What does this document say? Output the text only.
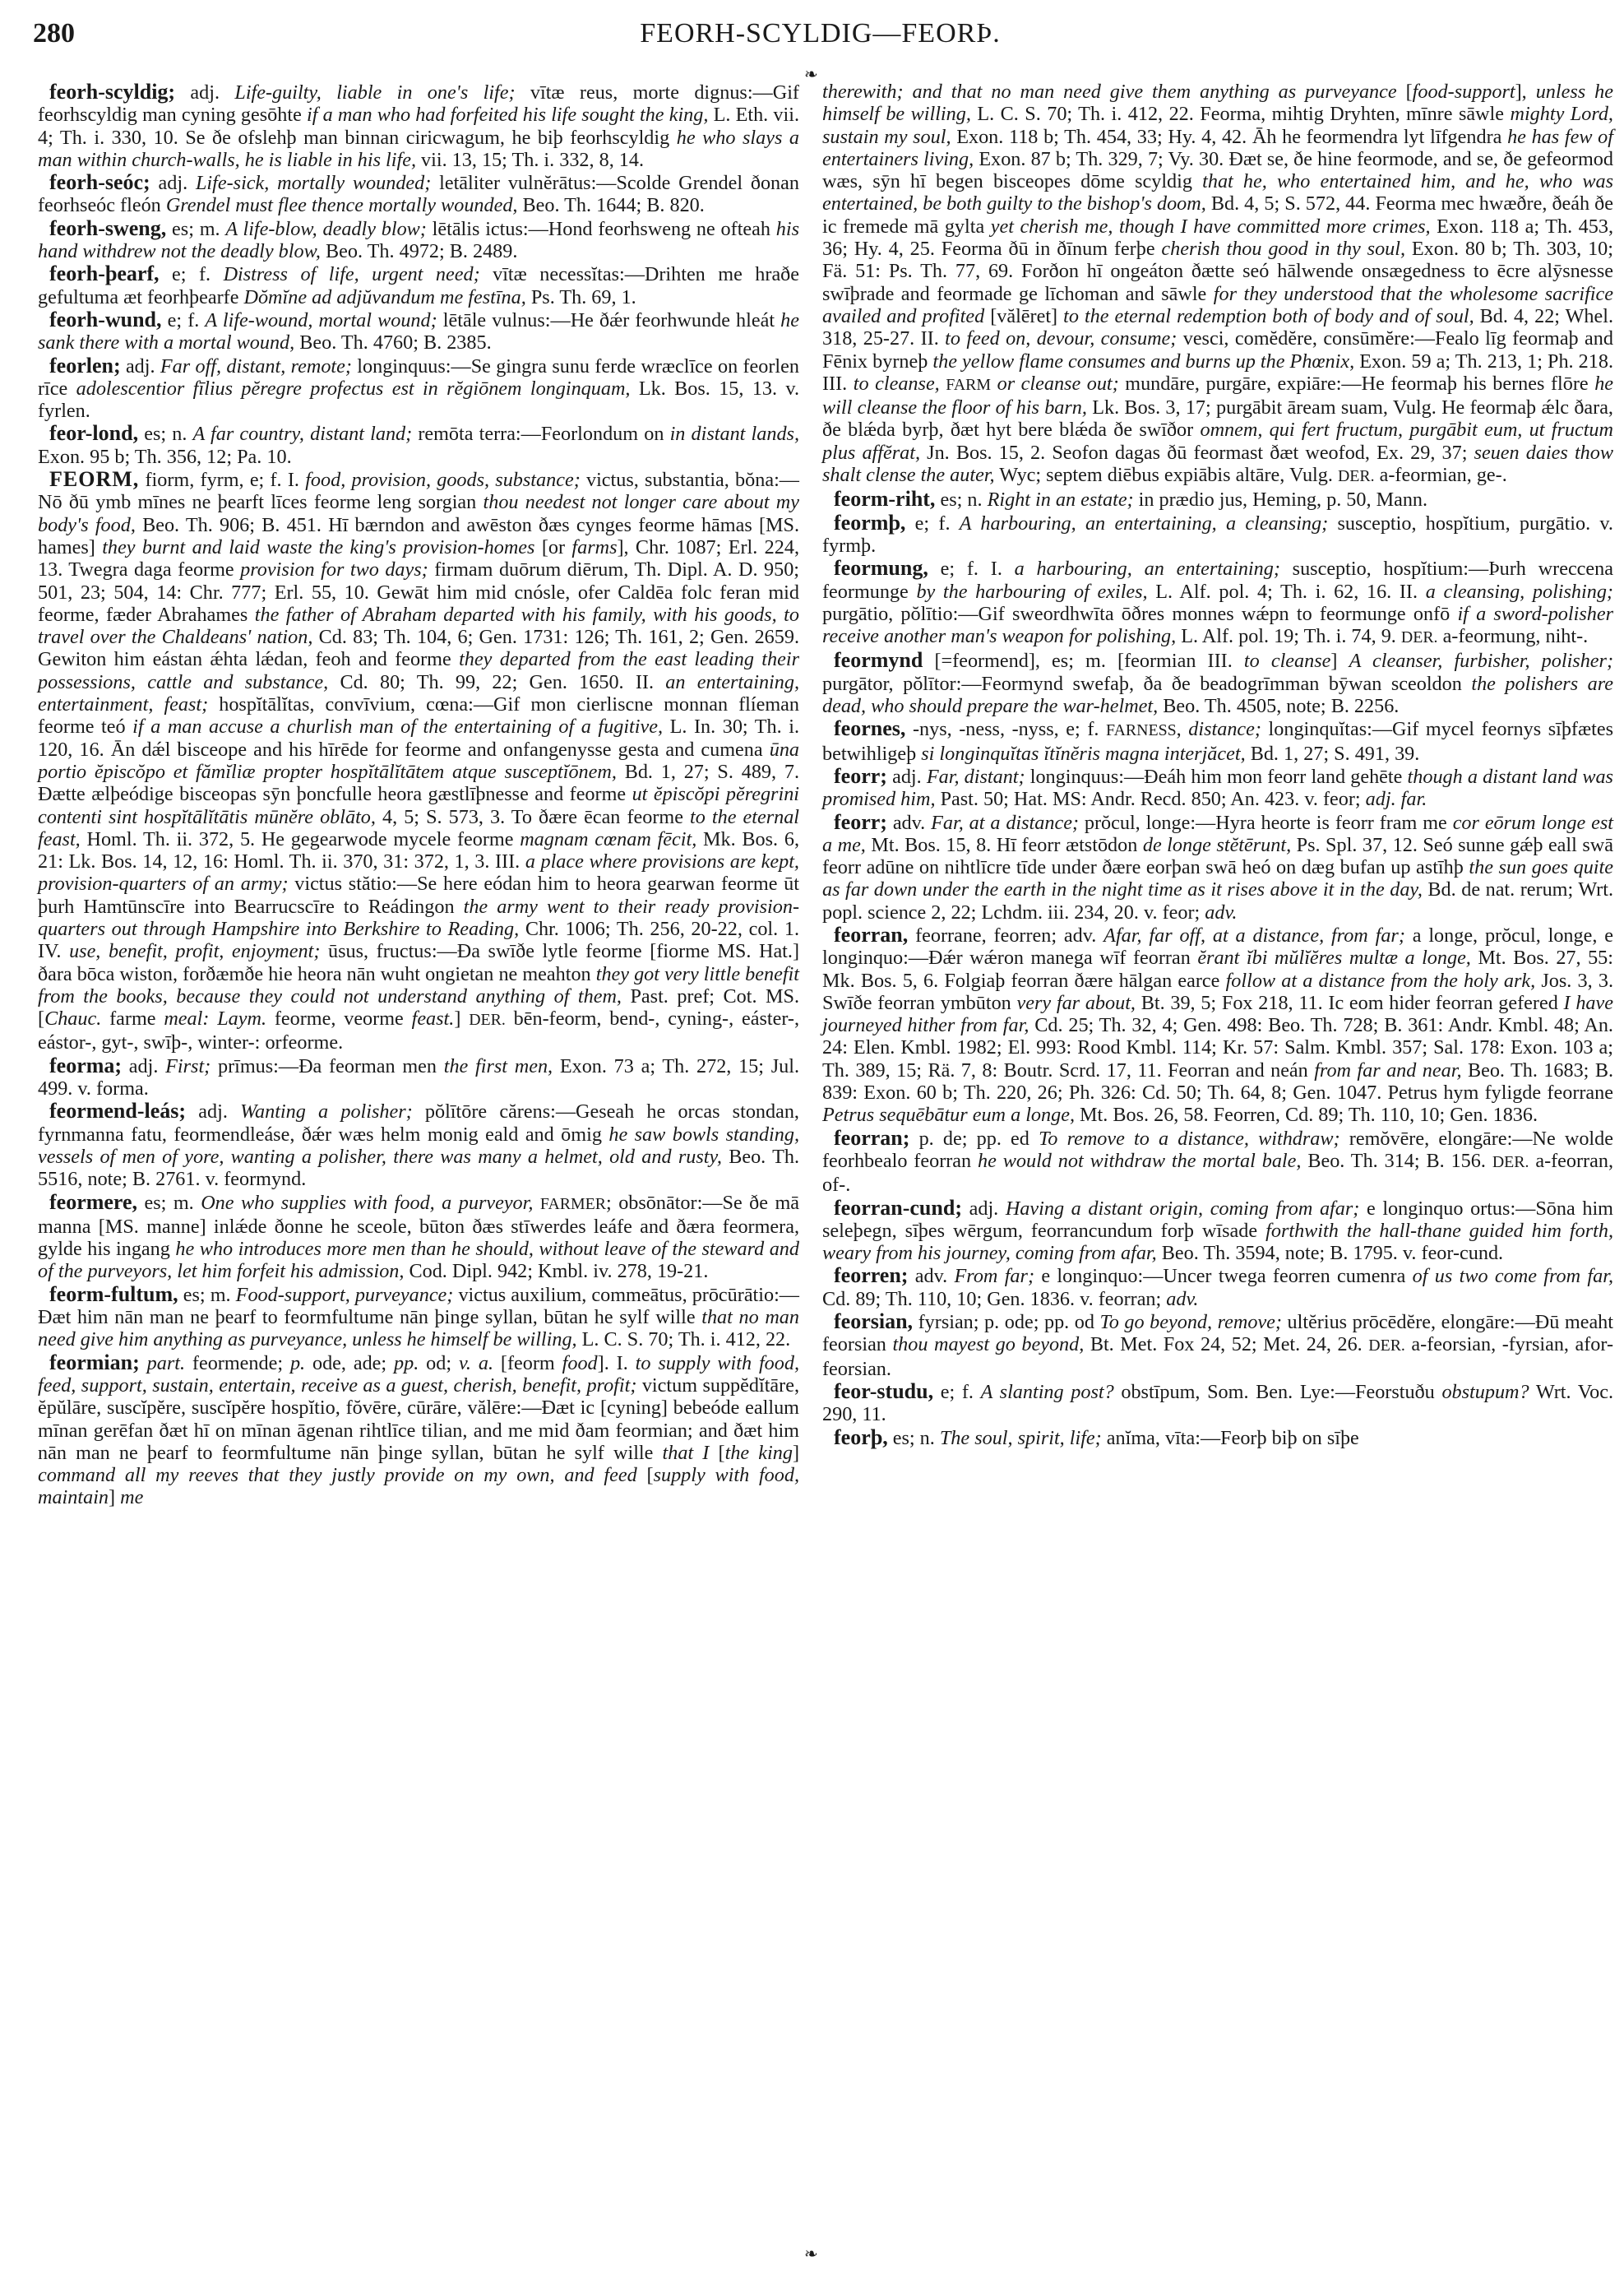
280	FEORH-SCYLDIG—FEORÞ.
❧
❧

feorh-scyldig; adj. Life-guilty, liable in one's life; vītæ reus, morte dignus:—Gif feorhscyldig man cyning gesōhte if a man who had forfeited his life sought the king, L. Eth. vii. 4; Th. i. 330, 10. Se ðe ofslehþ man binnan ciricwagum, he biþ feorhscyldig he who slays a man within church-walls, he is liable in his life, vii. 13, 15; Th. i. 332, 8, 14.

feorh-seóc; adj. Life-sick, mortally wounded; letāliter vulnĕrātus:—Scolde Grendel ðonan feorhseóc fleón Grendel must flee thence mortally wounded, Beo. Th. 1644; B. 820.

feorh-sweng, es; m. A life-blow, deadly blow; lētālis ictus:—Hond feorhsweng ne ofteah his hand withdrew not the deadly blow, Beo. Th. 4972; B. 2489.

feorh-þearf, e; f. Distress of life, urgent need; vītæ necessĭtas:—Drihten me hraðe gefultuma æt feorhþearfe Dŏmĭne ad adjŭvandum me festīna, Ps. Th. 69, 1.

feorh-wund, e; f. A life-wound, mortal wound; lētāle vulnus:—He ðǽr feorhwunde hleát he sank there with a mortal wound, Beo. Th. 4760; B. 2385.

feorlen; adj. Far off, distant, remote; longinquus:—Se gingra sunu ferde wræclīce on feorlen rīce adolescentior fīlius pĕregre profectus est in rĕgiōnem longinquam, Lk. Bos. 15, 13. v. fyrlen.

feor-lond, es; n. A far country, distant land; remōta terra:—Feorlondum on in distant lands, Exon. 95 b; Th. 356, 12; Pa. 10.

FEORM, fiorm, fyrm, e; f. I. food, provision, goods, substance; victus, substantia, bŏna:—Nō ðū ymb mīnes ne þearft līces feorme leng sorgian thou needest not longer care about my body's food, Beo. Th. 906; B. 451. Hī bærndon and awēston ðæs cynges feorme hāmas [MS. hames] they burnt and laid waste the king's provision-homes [or farms], Chr. 1087; Erl. 224, 13. Twegra daga feorme provision for two days; firmam duōrum diērum, Th. Dipl. A. D. 950; 501, 23; 504, 14: Chr. 777; Erl. 55, 10. Gewāt him mid cnósle, ofer Caldēa folc feran mid feorme, fæder Abrahames the father of Abraham departed with his family, with his goods, to travel over the Chaldeans' nation, Cd. 83; Th. 104, 6; Gen. 1731: 126; Th. 161, 2; Gen. 2659. Gewiton him eástan ǽhta lǽdan, feoh and feorme they departed from the east leading their possessions, cattle and substance, Cd. 80; Th. 99, 22; Gen. 1650. II. an entertaining, entertainment, feast; hospĭtālĭtas, convīvium, cœna:—Gif mon cierliscne monnan flíeman feorme teó if a man accuse a churlish man of the entertaining of a fugitive, L. In. 30; Th. i. 120, 16. Ān dǽl bisceope and his hīrēde for feorme and onfangenysse gesta and cumena ūna portio ĕpiscŏpo et fămĭliæ propter hospĭtālĭtātem atque susceptĭōnem, Bd. 1, 27; S. 489, 7. Ðætte ælþeódige bisceopas sȳn þoncfulle heora gæstlīþnesse and feorme ut ĕpiscŏpi pĕregrini contenti sint hospĭtālĭtātis mūnĕre oblāto, 4, 5; S. 573, 3. To ðære ēcan feorme to the eternal feast, Homl. Th. ii. 372, 5. He gegearwode mycele feorme magnam cœnam fēcit, Mk. Bos. 6, 21: Lk. Bos. 14, 12, 16: Homl. Th. ii. 370, 31: 372, 1, 3. III. a place where provisions are kept, provision-quarters of an army; victus stătio:—Se here eódan him to heora gearwan feorme ūt þurh Hamtūnscīre into Bearrucscīre to Reádingon the army went to their ready provision-quarters out through Hampshire into Berkshire to Reading, Chr. 1006; Th. 256, 20-22, col. 1. IV. use, benefit, profit, enjoyment; ūsus, fructus:—Ða swīðe lytle feorme [fiorme MS. Hat.] ðara bōca wiston, forðæmðe hie heora nān wuht ongietan ne meahton they got very little benefit from the books, because they could not understand anything of them, Past. pref; Cot. MS. [Chauc. farme meal: Laym. feorme, veorme feast.] DER. bēn-feorm, bend-, cyning-, eáster-, eástor-, gyt-, swīþ-, winter-: orfeorme.

feorma; adj. First; prīmus:—Ða feorman men the first men, Exon. 73 a; Th. 272, 15; Jul. 499. v. forma.

feormend-leás; adj. Wanting a polisher; pŏlītōre cărens:—Geseah he orcas stondan, fyrnmanna fatu, feormendleáse, ðǽr wæs helm monig eald and ōmig he saw bowls standing, vessels of men of yore, wanting a polisher, there was many a helmet, old and rusty, Beo. Th. 5516, note; B. 2761. v. feormynd.

feormere, es; m. One who supplies with food, a purveyor, FARMER; obsōnātor:—Se ðe mā manna [MS. manne] inlǽde ðonne he sceole, būton ðæs stīwerdes leáfe and ðæra feormera, gylde his ingang he who introduces more men than he should, without leave of the steward and of the purveyors, let him forfeit his admission, Cod. Dipl. 942; Kmbl. iv. 278, 19-21.

feorm-fultum, es; m. Food-support, purveyance; victus auxilium, commeātus, prōcūrātio:—Ðæt him nān man ne þearf to feormfultume nān þinge syllan, būtan he sylf wille that no man need give him anything as purveyance, unless he himself be willing, L. C. S. 70; Th. i. 412, 22.

feormian; part. feormende; p. ode, ade; pp. od; v. a. [feorm food]. I. to supply with food, feed, support, sustain, entertain, receive as a guest, cherish, benefit, profit; victum suppĕdĭtāre, ĕpŭlāre, suscĭpĕre, suscĭpĕre hospĭtio, fŏvēre, cūrāre, vălēre:—Ðæt ic [cyning] bebeóde eallum mīnan gerēfan ðæt hī on mīnan āgenan rihtlīce tilian, and me mid ðam feormian; and ðæt him nān man ne þearf to feormfultume nān þinge syllan, būtan he sylf wille that I [the king] command all my reeves that they justly provide on my own, and feed [supply with food, maintain] me

therewith; and that no man need give them anything as purveyance [food-support], unless he himself be willing, L. C. S. 70; Th. i. 412, 22. Feorma, mihtig Dryhten, mīnre sāwle mighty Lord, sustain my soul, Exon. 118 b; Th. 454, 33; Hy. 4, 42. Āh he feormendra lyt līfgendra he has few of entertainers living, Exon. 87 b; Th. 329, 7; Vy. 30. Ðæt se, ðe hine feormode, and se, ðe gefeormod wæs, sȳn hī begen bisceopes dōme scyldig that he, who entertained him, and he, who was entertained, be both guilty to the bishop's doom, Bd. 4, 5; S. 572, 44. Feorma mec hwæðre, ðeáh ðe ic fremede mā gylta yet cherish me, though I have committed more crimes, Exon. 118 a; Th. 453, 36; Hy. 4, 25. Feorma ðū in ðīnum ferþe cherish thou good in thy soul, Exon. 80 b; Th. 303, 10; Fä. 51: Ps. Th. 77, 69. Forðon hī ongeáton ðætte seó hālwende onsægedness to ēcre alȳsnesse swīþrade and feormade ge līchoman and sāwle for they understood that the wholesome sacrifice availed and profited [vălēret] to the eternal redemption both of body and of soul, Bd. 4, 22; Whel. 318, 25-27. II. to feed on, devour, consume; vesci, comĕdĕre, consūmĕre:—Fealo līg feormaþ and Fēnix byrneþ the yellow flame consumes and burns up the Phœnix, Exon. 59 a; Th. 213, 1; Ph. 218. III. to cleanse, FARM or cleanse out; mundāre, purgāre, expiāre:—He feormaþ his bernes flōre he will cleanse the floor of his barn, Lk. Bos. 3, 17; purgābit āream suam, Vulg. He feormaþ ǽlc ðara, ðe blǽda byrþ, ðæt hyt bere blǽda ðe swīðor omnem, qui fert fructum, purgābit eum, ut fructum plus affĕrat, Jn. Bos. 15, 2. Seofon dagas ðū feormast ðæt weofod, Ex. 29, 37; seuen daies thow shalt clense the auter, Wyc; septem diēbus expiābis altāre, Vulg. DER. a-feormian, ge-.

feorm-riht, es; n. Right in an estate; in prædio jus, Heming, p. 50, Mann.

feormþ, e; f. A harbouring, an entertaining, a cleansing; susceptio, hospĭtium, purgātio. v. fyrmþ.

feormung, e; f. I. a harbouring, an entertaining; susceptio, hospĭtium:—Þurh wreccena feormunge by the harbouring of exiles, L. Alf. pol. 4; Th. i. 62, 16. II. a cleansing, polishing; purgātio, pŏlītio:—Gif sweordhwīta ōðres monnes wǽpn to feormunge onfō if a sword-polisher receive another man's weapon for polishing, L. Alf. pol. 19; Th. i. 74, 9. DER. a-feormung, niht-.

feormynd [=feormend], es; m. [feormian III. to cleanse] A cleanser, furbisher, polisher; purgātor, pŏlītor:—Feormynd swefaþ, ða ðe beadogrīmman bȳwan sceoldon the polishers are dead, who should prepare the war-helmet, Beo. Th. 4505, note; B. 2256.

feornes, -nys, -ness, -nyss, e; f. FARNESS, distance; longinquĭtas:—Gif mycel feornys sīþfætes betwihligeþ si longinquĭtas ĭtĭnĕris magna interjăcet, Bd. 1, 27; S. 491, 39.

feorr; adj. Far, distant; longinquus:—Ðeáh him mon feorr land gehēte though a distant land was promised him, Past. 50; Hat. MS: Andr. Recd. 850; An. 423. v. feor; adj. far.

feorr; adv. Far, at a distance; prŏcul, longe:—Hyra heorte is feorr fram me cor eōrum longe est a me, Mt. Bos. 15, 8. Hī feorr ætstōdon de longe stĕtērunt, Ps. Spl. 37, 12. Seó sunne gǽþ eall swā feorr adūne on nihtlīcre tīde under ðære eorþan swā heó on dæg bufan up astīhþ the sun goes quite as far down under the earth in the night time as it rises above it in the day, Bd. de nat. rerum; Wrt. popl. science 2, 22; Lchdm. iii. 234, 20. v. feor; adv.

feorran, feorrane, feorren; adv. Afar, far off, at a distance, from far; a longe, prŏcul, longe, e longinquo:—Ðǽr wǽron manega wīf feorran ĕrant ĭbi mŭlĭĕres multæ a longe, Mt. Bos. 27, 55: Mk. Bos. 5, 6. Folgiaþ feorran ðære hālgan earce follow at a distance from the holy ark, Jos. 3, 3. Swīðe feorran ymbūton very far about, Bt. 39, 5; Fox 218, 11. Ic eom hider feorran gefered I have journeyed hither from far, Cd. 25; Th. 32, 4; Gen. 498: Beo. Th. 728; B. 361: Andr. Kmbl. 48; An. 24: Elen. Kmbl. 1982; El. 993: Rood Kmbl. 114; Kr. 57: Salm. Kmbl. 357; Sal. 178: Exon. 103 a; Th. 389, 15; Rä. 7, 8: Boutr. Scrd. 17, 11. Feorran and neán from far and near, Beo. Th. 1683; B. 839: Exon. 60 b; Th. 220, 26; Ph. 326: Cd. 50; Th. 64, 8; Gen. 1047. Petrus hym fyligde feorrane Petrus sequēbātur eum a longe, Mt. Bos. 26, 58. Feorren, Cd. 89; Th. 110, 10; Gen. 1836.

feorran; p. de; pp. ed To remove to a distance, withdraw; remŏvēre, elongāre:—Ne wolde feorhbealo feorran he would not withdraw the mortal bale, Beo. Th. 314; B. 156. DER. a-feorran, of-.

feorran-cund; adj. Having a distant origin, coming from afar; e longinquo ortus:—Sōna him seleþegn, sīþes wērgum, feorrancundum forþ wīsade forthwith the hall-thane guided him forth, weary from his journey, coming from afar, Beo. Th. 3594, note; B. 1795. v. feor-cund.

feorren; adv. From far; e longinquo:—Uncer twega feorren cumenra of us two come from far, Cd. 89; Th. 110, 10; Gen. 1836. v. feorran; adv.

feorsian, fyrsian; p. ode; pp. od To go beyond, remove; ultĕrius prōcēdĕre, elongāre:—Ðū meaht feorsian thou mayest go beyond, Bt. Met. Fox 24, 52; Met. 24, 26. DER. a-feorsian, -fyrsian, afor-feorsian.

feor-studu, e; f. A slanting post? obstīpum, Som. Ben. Lye:—Feorstuðu obstupum? Wrt. Voc. 290, 11.

feorþ, es; n. The soul, spirit, life; anĭma, vīta:—Feorþ biþ on sīþe
